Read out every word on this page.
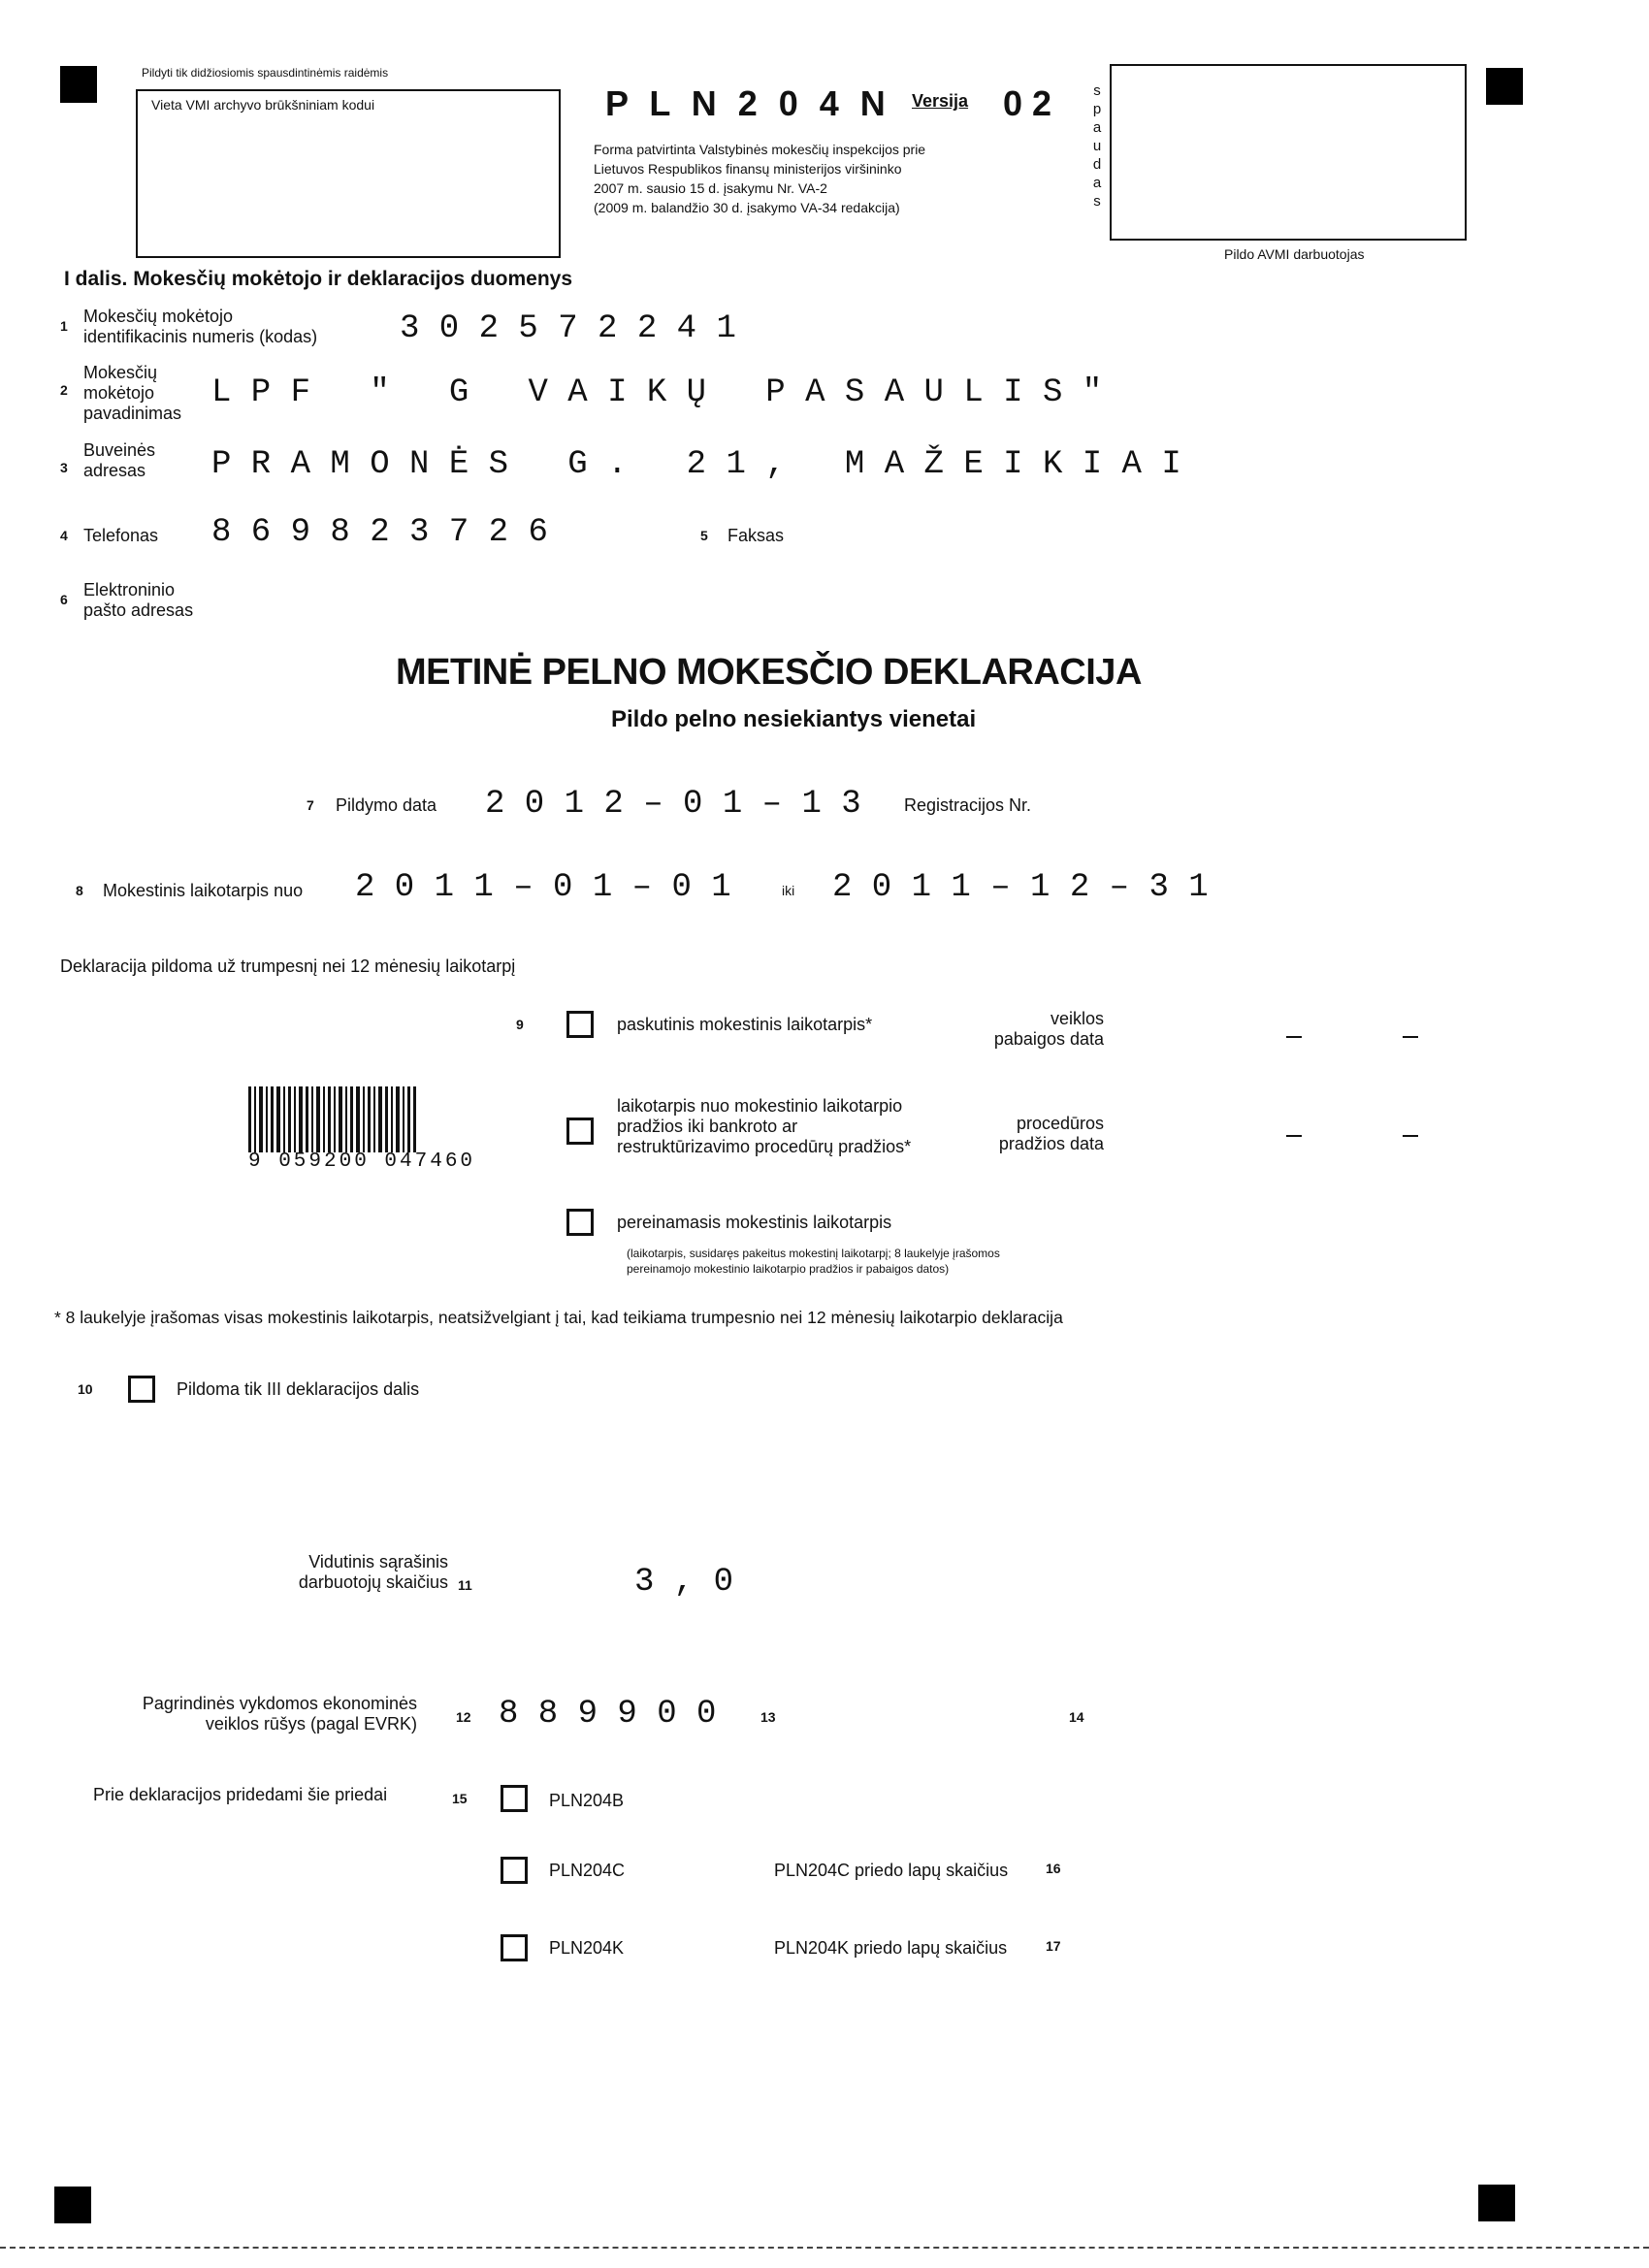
Pildyti tik didžiosiomis spausdintinėmis raidėmis
Vieta VMI archyvo brūkšniniam kodui	P L N 2 0 4 N Versija 0 2
Forma patvirtinta Valstybinės mokesčių inspekcijos prie
Lietuvos Respublikos finansų ministerijos viršininko
2007 m. sausio 15 d. įsakymu Nr. VA-2
(2009 m. balandžio 30 d. įsakymo VA-34 redakcija)
s
p
a
u
d
a
s
Pildo AVMI darbuotojas
I dalis. Mokesčių mokėtojo ir deklaracijos duomenys
1 Mokesčių mokėtojo
identifikacinis numeris (kodas) 3 0 2 5 7 2 2 4 1
2
Mokesčių
mokėtojo
pavadinimas
L P F   "   G   V A I K Ų   P A S A U L I S "
3
Buveinės
adresas P R A M O N Ė S   G .   2 1 ,   M A Ž E I K I A I
4 Telefonas 8 6 9 8 2 3 7 2 6	5 Faksas
6 Elektroninio
pašto adresas
METINĖ PELNO MOKESČIO DEKLARACIJA
Pildo pelno nesiekiantys vienetai
7 Pildymo data 2 0 1 2 – 0 1 – 1 3 Registracijos Nr.
8 Mokestinis laikotarpis nuo 2 0 1 1 – 0 1 – 0 1	iki 2 0 1 1 – 1 2 – 3 1
Deklaracija pildoma už trumpesnį nei 12 mėnesių laikotarpį
9	paskutinis mokestinis laikotarpis*	veiklos
pabaigos data
9 059200 047460
laikotarpis nuo mokestinio laikotarpio
pradžios iki bankroto ar
restruktūrizavimo procedūrų pradžios*
procedūros
pradžios data
pereinamasis mokestinis laikotarpis
(laikotarpis, susidaręs pakeitus mokestinį laikotarpį; 8 laukelyje įrašomos
pereinamojo mokestinio laikotarpio pradžios ir pabaigos datos)
* 8 laukelyje įrašomas visas mokestinis laikotarpis, neatsižvelgiant į tai, kad teikiama trumpesnio nei 12 mėnesių laikotarpio deklaracija
10	Pildoma tik III deklaracijos dalis
Vidutinis sąrašinis
darbuotojų skaičius 11	3 , 0
Pagrindinės vykdomos ekonominės
veiklos rūšys (pagal EVRK)	12 8 8 9 9 0 0	13	14
Prie deklaracijos pridedami šie priedai	15	PLN204B
PLN204C	PLN204C priedo lapų skaičius	16
PLN204K	PLN204K priedo lapų skaičius	17
